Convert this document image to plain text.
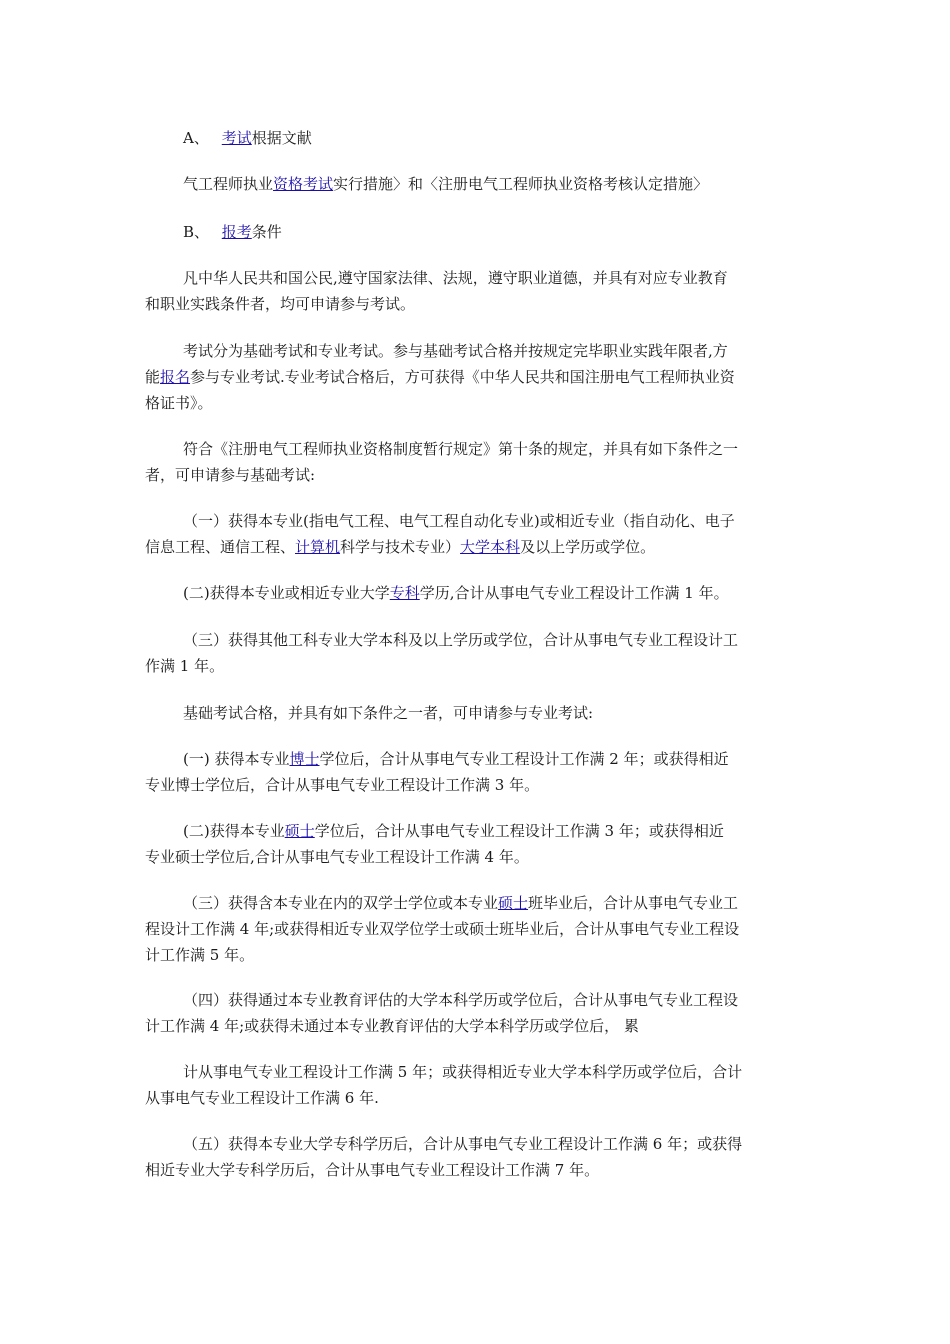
A、 考试根据文献

气工程师执业资格考试实行措施〉和〈注册电气工程师执业资格考核认定措施〉

B、 报考条件

凡中华人民共和国公民,遵守国家法律、法规，遵守职业道德，并具有对应专业教育
和职业实践条件者，均可申请参与考试。

考试分为基础考试和专业考试。参与基础考试合格并按规定完毕职业实践年限者,方
能报名参与专业考试.专业考试合格后，方可获得《中华人民共和国注册电气工程师执业资
格证书》。

符合《注册电气工程师执业资格制度暂行规定》第十条的规定，并具有如下条件之一
者，可申请参与基础考试:

（一）获得本专业(指电气工程、电气工程自动化专业)或相近专业（指自动化、电子
信息工程、通信工程、计算机科学与技术专业）大学本科及以上学历或学位。

(二)获得本专业或相近专业大学专科学历,合计从事电气专业工程设计工作满 1 年。

（三）获得其他工科专业大学本科及以上学历或学位，合计从事电气专业工程设计工
作满 1 年。

基础考试合格，并具有如下条件之一者，可申请参与专业考试:

(一) 获得本专业博士学位后，合计从事电气专业工程设计工作满 2 年；或获得相近
专业博士学位后，合计从事电气专业工程设计工作满 3 年。

(二)获得本专业硕士学位后，合计从事电气专业工程设计工作满 3 年；或获得相近
专业硕士学位后,合计从事电气专业工程设计工作满 4 年。

（三）获得含本专业在内的双学士学位或本专业硕士班毕业后，合计从事电气专业工
程设计工作满 4 年;或获得相近专业双学位学士或硕士班毕业后，合计从事电气专业工程设
计工作满 5 年。

（四）获得通过本专业教育评估的大学本科学历或学位后，合计从事电气专业工程设
计工作满 4 年;或获得未通过本专业教育评估的大学本科学历或学位后， 累

计从事电气专业工程设计工作满 5 年；或获得相近专业大学本科学历或学位后，合计
从事电气专业工程设计工作满 6 年.

（五）获得本专业大学专科学历后，合计从事电气专业工程设计工作满 6 年；或获得
相近专业大学专科学历后，合计从事电气专业工程设计工作满 7 年。
